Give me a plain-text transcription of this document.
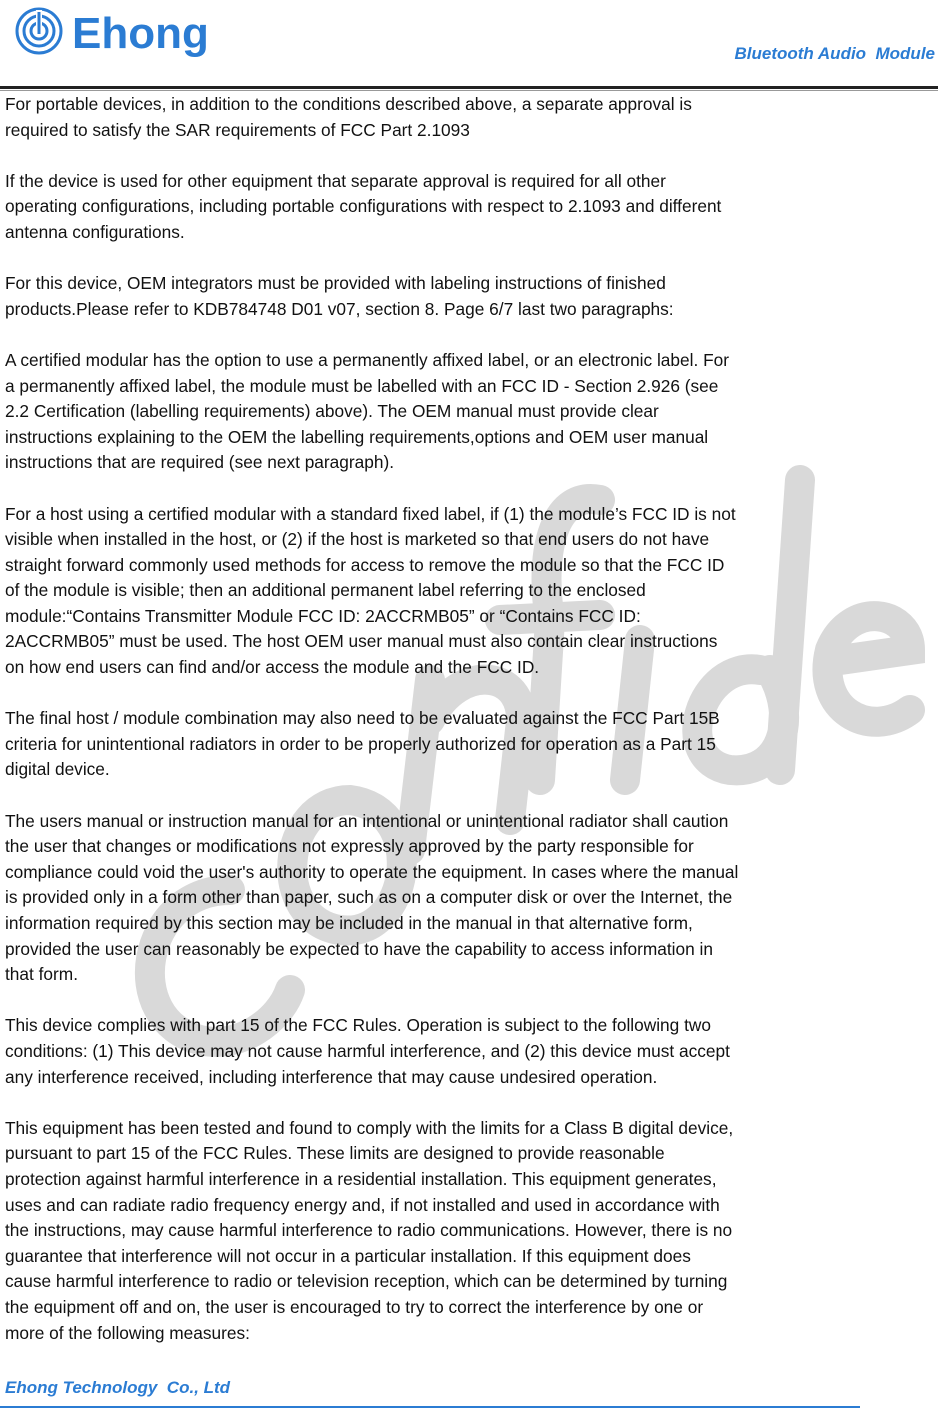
Ehong	Bluetooth Audio  Module

For portable devices, in addition to the conditions described above, a separate approval is
required to satisfy the SAR requirements of FCC Part 2.1093

If the device is used for other equipment that separate approval is required for all other
operating configurations, including portable configurations with respect to 2.1093 and different
antenna configurations.

For this device, OEM integrators must be provided with labeling instructions of finished
products.Please refer to KDB784748 D01 v07, section 8. Page 6/7 last two paragraphs:

A certified modular has the option to use a permanently affixed label, or an electronic label. For
a permanently affixed label, the module must be labelled with an FCC ID - Section 2.926 (see
2.2 Certification (labelling requirements) above). The OEM manual must provide clear
instructions explaining to the OEM the labelling requirements,options and OEM user manual
instructions that are required (see next paragraph).

For a host using a certified modular with a standard fixed label, if (1) the module’s FCC ID is not
visible when installed in the host, or (2) if the host is marketed so that end users do not have
straight forward commonly used methods for access to remove the module so that the FCC ID
of the module is visible; then an additional permanent label referring to the enclosed
module:“Contains Transmitter Module FCC ID: 2ACCRMB05” or “Contains FCC ID:
2ACCRMB05” must be used. The host OEM user manual must also contain clear instructions
on how end users can find and/or access the module and the FCC ID.

The final host / module combination may also need to be evaluated against the FCC Part 15B
criteria for unintentional radiators in order to be properly authorized for operation as a Part 15
digital device.

The users manual or instruction manual for an intentional or unintentional radiator shall caution
the user that changes or modifications not expressly approved by the party responsible for
compliance could void the user's authority to operate the equipment. In cases where the manual
is provided only in a form other than paper, such as on a computer disk or over the Internet, the
information required by this section may be included in the manual in that alternative form,
provided the user can reasonably be expected to have the capability to access information in
that form.

This device complies with part 15 of the FCC Rules. Operation is subject to the following two
conditions: (1) This device may not cause harmful interference, and (2) this device must accept
any interference received, including interference that may cause undesired operation.

This equipment has been tested and found to comply with the limits for a Class B digital device,
pursuant to part 15 of the FCC Rules. These limits are designed to provide reasonable
protection against harmful interference in a residential installation. This equipment generates,
uses and can radiate radio frequency energy and, if not installed and used in accordance with
the instructions, may cause harmful interference to radio communications. However, there is no
guarantee that interference will not occur in a particular installation. If this equipment does
cause harmful interference to radio or television reception, which can be determined by turning
the equipment off and on, the user is encouraged to try to correct the interference by one or
more of the following measures:

Ehong Technology  Co., Ltd
